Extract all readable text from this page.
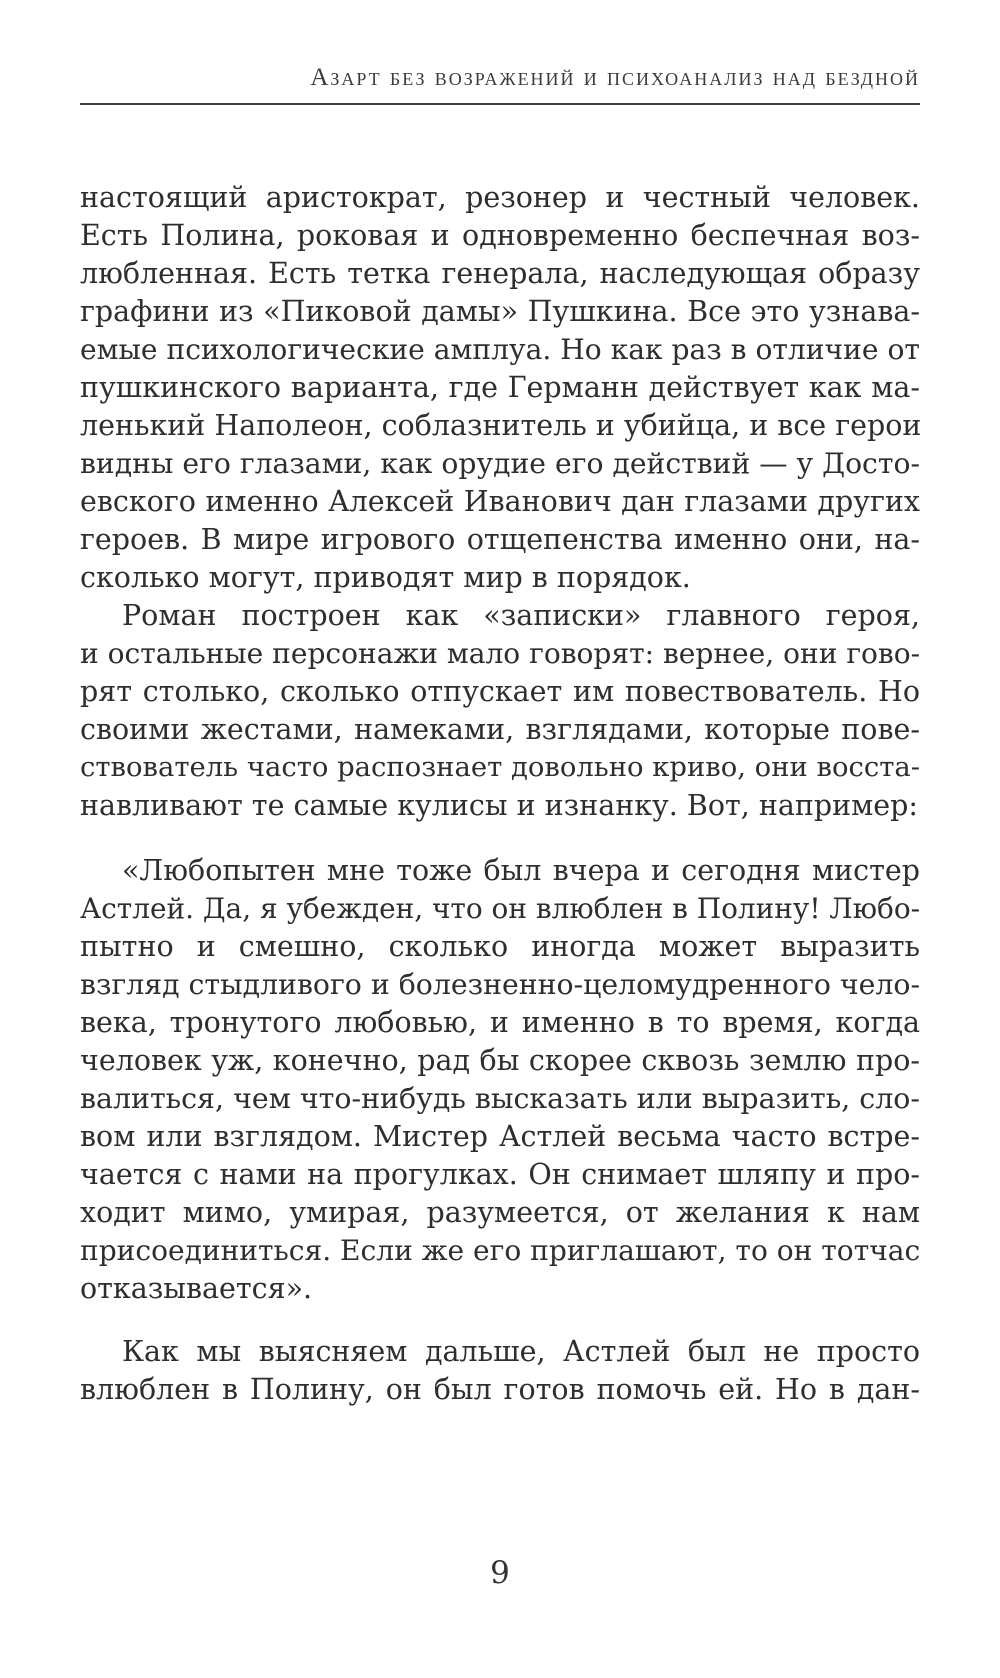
Азарт без возражений и психоанализ над бездной
настоящий аристократ, резонер и честный человек.
Есть Полина, роковая и одновременно беспечная воз-
любленная. Есть тетка генерала, наследующая образу
графини из «Пиковой дамы» Пушкина. Все это узнава-
емые психологические амплуа. Но как раз в отличие от
пушкинского варианта, где Германн действует как ма-
ленький Наполеон, соблазнитель и убийца, и все герои
видны его глазами, как орудие его действий — у Досто-
евского именно Алексей Иванович дан глазами других
героев. В мире игрового отщепенства именно они, на-
сколько могут, приводят мир в порядок.
Роман построен как «записки» главного героя,
и остальные персонажи мало говорят: вернее, они гово-
рят столько, сколько отпускает им повествователь. Но
своими жестами, намеками, взглядами, которые пове-
ствователь часто распознает довольно криво, они восста-
навливают те самые кулисы и изнанку. Вот, например:
«Любопытен мне тоже был вчера и сегодня мистер
Астлей. Да, я убежден, что он влюблен в Полину! Любо-
пытно и смешно, сколько иногда может выразить
взгляд стыдливого и болезненно-целомудренного чело-
века, тронутого любовью, и именно в то время, когда
человек уж, конечно, рад бы скорее сквозь землю про-
валиться, чем что-нибудь высказать или выразить, сло-
вом или взглядом. Мистер Астлей весьма часто встре-
чается с нами на прогулках. Он снимает шляпу и про-
ходит мимо, умирая, разумеется, от желания к нам
присоединиться. Если же его приглашают, то он тотчас
отказывается».
Как мы выясняем дальше, Астлей был не просто
влюблен в Полину, он был готов помочь ей. Но в дан-
9
